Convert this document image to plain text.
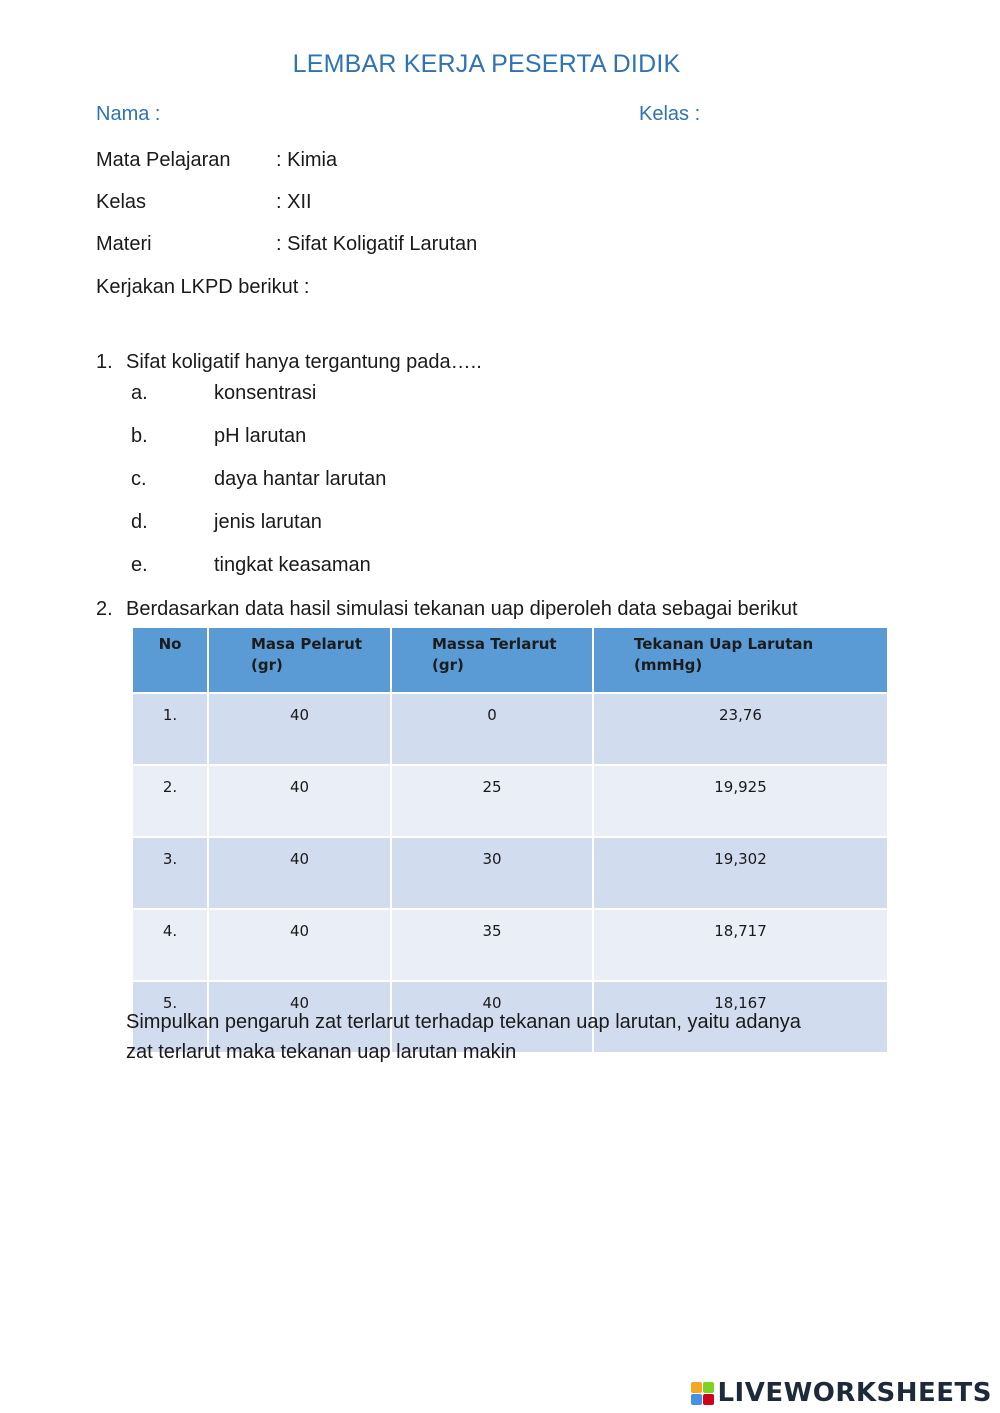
LEMBAR KERJA PESERTA DIDIK
Nama :	Kelas :
Mata Pelajaran : Kimia
Kelas	: XII
Materi	: Sifat Koligatif Larutan
Kerjakan LKPD berikut :
1. Sifat koligatif hanya tergantung pada…..
a.	konsentrasi
b.	pH larutan
c.	daya hantar larutan
d.	jenis larutan
e.	tingkat keasaman
2. Berdasarkan data hasil simulasi tekanan uap diperoleh data sebagai berikut
No	Masa Pelarut (gr)	Massa Terlarut (gr)	Tekanan Uap Larutan (mmHg)
1.	40	0	23,76
2.	40	25	19,925
3.	40	30	19,302
4.	40	35	18,717
5.	40	40	18,167
Simpulkan pengaruh zat terlarut terhadap tekanan uap larutan, yaitu adanya
zat terlarut maka tekanan uap larutan makin
LIVEWORKSHEETS
